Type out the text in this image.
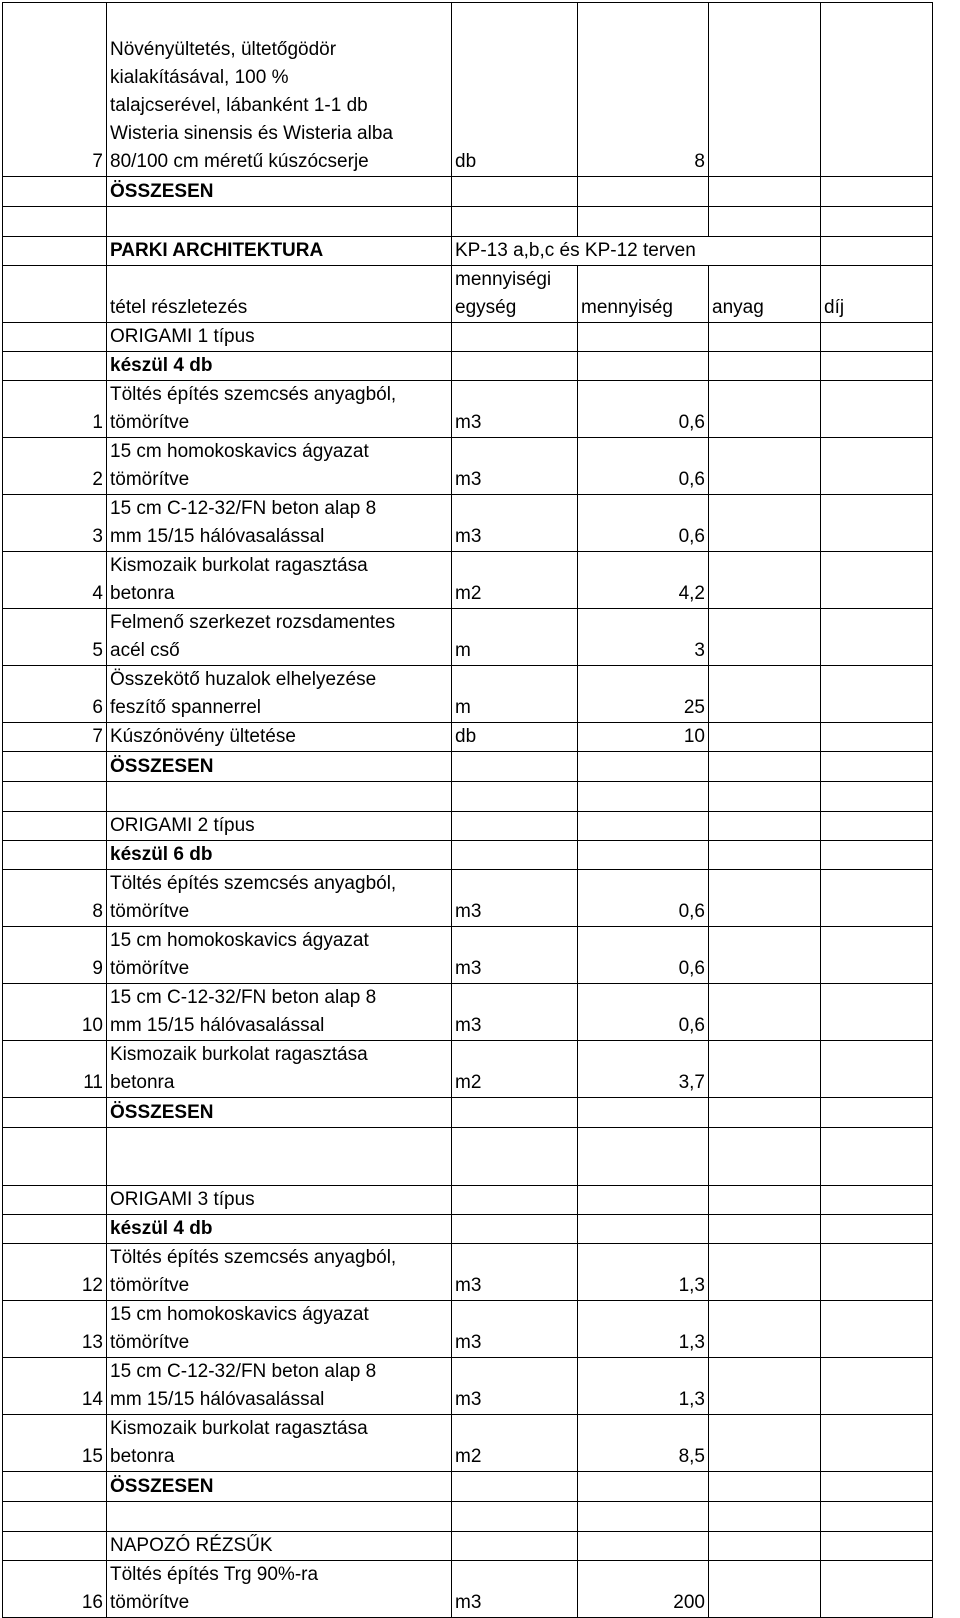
7	Növényültetés, ültetőgödör
kialakításával, 100 %
talajcserével, lábanként 1-1 db
Wisteria sinensis és Wisteria alba
80/100 cm méretű kúszócserje	db	8		
	ÖSSZESEN				

	PARKI ARCHITEKTURA	KP-13 a,b,c és KP-12 terven			
	tétel részletezés	mennyiségi
egység	mennyiség	anyag	díj
	ORIGAMI 1 típus				
	készül 4 db				
1	Töltés építés szemcsés anyagból,
tömörítve	m3	0,6		
2	15 cm homokoskavics ágyazat
tömörítve	m3	0,6		
3	15 cm C-12-32/FN beton alap 8
mm 15/15 hálóvasalással	m3	0,6		
4	Kismozaik burkolat ragasztása
betonra	m2	4,2		
5	Felmenő szerkezet rozsdamentes
acél cső	m	3		
6	Összekötő huzalok elhelyezése
feszítő spannerrel	m	25		
7	Kúszónövény ültetése	db	10		
	ÖSSZESEN				

	ORIGAMI 2 típus				
	készül 6 db				
8	Töltés építés szemcsés anyagból,
tömörítve	m3	0,6		
9	15 cm homokoskavics ágyazat
tömörítve	m3	0,6		
10	15 cm C-12-32/FN beton alap 8
mm 15/15 hálóvasalással	m3	0,6		
11	Kismozaik burkolat ragasztása
betonra	m2	3,7		
	ÖSSZESEN				

	ORIGAMI 3 típus				
	készül 4 db				
12	Töltés építés szemcsés anyagból,
tömörítve	m3	1,3		
13	15 cm homokoskavics ágyazat
tömörítve	m3	1,3		
14	15 cm C-12-32/FN beton alap 8
mm 15/15 hálóvasalással	m3	1,3		
15	Kismozaik burkolat ragasztása
betonra	m2	8,5		
	ÖSSZESEN				

	NAPOZÓ RÉZSŰK				
16	Töltés építés Trg 90%-ra
tömörítve	m3	200		
